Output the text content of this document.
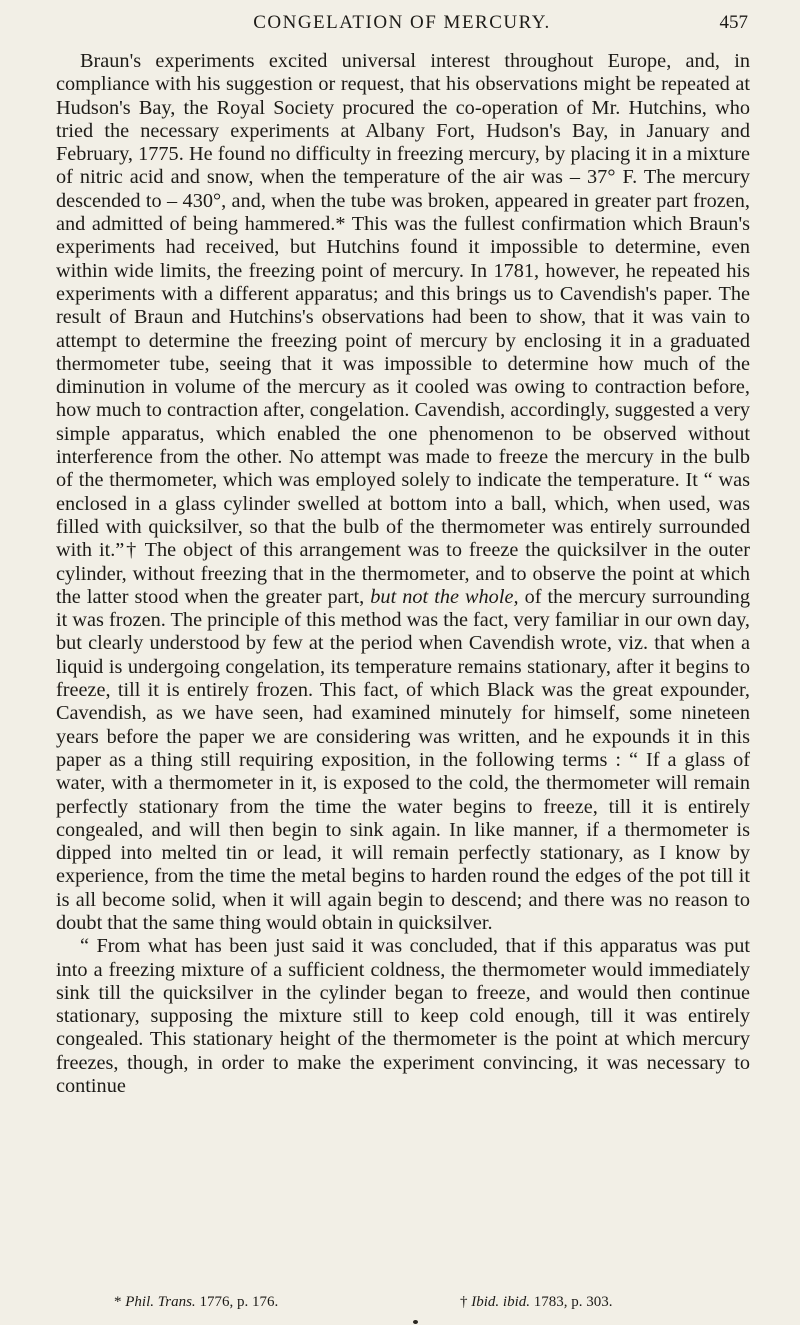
CONGELATION OF MERCURY.	457

Braun's experiments excited universal interest throughout Europe, and, in compliance with his suggestion or request, that his observations might be repeated at Hudson's Bay, the Royal Society procured the co-operation of Mr. Hutchins, who tried the necessary experiments at Albany Fort, Hudson's Bay, in January and February, 1775. He found no difficulty in freezing mercury, by placing it in a mixture of nitric acid and snow, when the temperature of the air was – 37° F. The mercury descended to – 430°, and, when the tube was broken, appeared in greater part frozen, and admitted of being hammered.* This was the fullest confirmation which Braun's experiments had received, but Hutchins found it impossible to determine, even within wide limits, the freezing point of mercury. In 1781, however, he repeated his experiments with a different apparatus; and this brings us to Cavendish's paper. The result of Braun and Hutchins's observations had been to show, that it was vain to attempt to determine the freezing point of mercury by enclosing it in a graduated thermometer tube, seeing that it was impossible to determine how much of the diminution in volume of the mercury as it cooled was owing to contraction before, how much to contraction after, congelation. Cavendish, accordingly, suggested a very simple apparatus, which enabled the one phenomenon to be observed without interference from the other. No attempt was made to freeze the mercury in the bulb of the thermometer, which was employed solely to indicate the temperature. It “ was enclosed in a glass cylinder swelled at bottom into a ball, which, when used, was filled with quicksilver, so that the bulb of the thermometer was entirely surrounded with it.”† The object of this arrangement was to freeze the quicksilver in the outer cylinder, without freezing that in the thermometer, and to observe the point at which the latter stood when the greater part, but not the whole, of the mercury surrounding it was frozen. The principle of this method was the fact, very familiar in our own day, but clearly understood by few at the period when Cavendish wrote, viz. that when a liquid is undergoing congelation, its temperature remains stationary, after it begins to freeze, till it is entirely frozen. This fact, of which Black was the great expounder, Cavendish, as we have seen, had examined minutely for himself, some nineteen years before the paper we are considering was written, and he expounds it in this paper as a thing still requiring exposition, in the following terms : “ If a glass of water, with a thermometer in it, is exposed to the cold, the thermometer will remain perfectly stationary from the time the water begins to freeze, till it is entirely congealed, and will then begin to sink again. In like manner, if a thermometer is dipped into melted tin or lead, it will remain perfectly stationary, as I know by experience, from the time the metal begins to harden round the edges of the pot till it is all become solid, when it will again begin to descend; and there was no reason to doubt that the same thing would obtain in quicksilver.

“ From what has been just said it was concluded, that if this apparatus was put into a freezing mixture of a sufficient coldness, the thermometer would immediately sink till the quicksilver in the cylinder began to freeze, and would then continue stationary, supposing the mixture still to keep cold enough, till it was entirely congealed. This stationary height of the thermometer is the point at which mercury freezes, though, in order to make the experiment convincing, it was necessary to continue

* Phil. Trans. 1776, p. 176.	† Ibid. ibid. 1783, p. 303.
